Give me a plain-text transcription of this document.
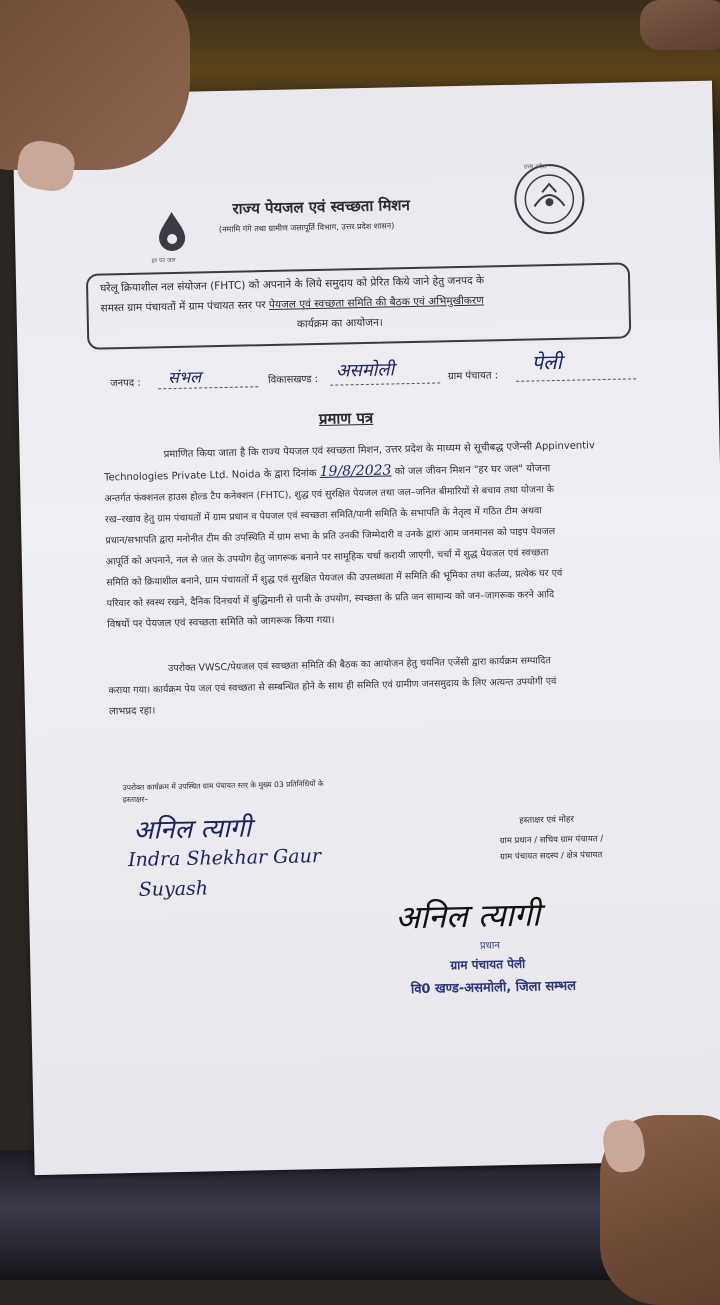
हर घर जल
उत्तर प्रदेश
राज्य पेयजल एवं स्वच्छता मिशन
(नमामि गंगे तथा ग्रामीण जलापूर्ति विभाग, उत्तर प्रदेश शासन)
घरेलू क्रियाशील नल संयोजन (FHTC) को अपनाने के लिये समुदाय को प्रेरित किये जाने हेतु जनपद के
समस्त ग्राम पंचायतों में ग्राम पंचायत स्तर पर पेयजल एवं स्वच्छता समिति की बैठक एवं अभिमुखीकरण
कार्यक्रम का आयोजन।
जनपद : संभल	विकासखण्ड : असमोली	ग्राम पंचायत :
पेली
प्रमाण पत्र
प्रमाणित किया जाता है कि राज्य पेयजल एवं स्वच्छता मिशन, उत्तर प्रदेश के माध्यम से सूचीबद्ध एजेन्सी Appinventiv
Technologies Private Ltd. Noida के द्वारा दिनांक 19/8/2023 को जल जीवन मिशन "हर घर जल" योजना
अन्तर्गत फंक्शनल हाउस होल्ड टैप कनेक्शन (FHTC), शुद्ध एवं सुरक्षित पेयजल तथा जल–जनित बीमारियों से बचाव तथा योजना के
रख–रखाव हेतु ग्राम पंचायतों में ग्राम प्रधान व पेयजल एवं स्वच्छता समिति/पानी समिति के सभापति के नेतृत्व में गठित टीम अथवा
प्रधान/सभापति द्वारा मनोनीत टीम की उपस्थिति में ग्राम सभा के प्रति उनकी जिम्मेदारी व उनके द्वारा आम जनमानस को पाइप पेयजल
आपूर्ति को अपनाने, नल से जल के उपयोग हेतु जागरूक बनाने पर सामूहिक चर्चा करायी जाएगी, चर्चा में शुद्ध पेयजल एवं स्वच्छता
समिति को क्रियाशील बनाने, ग्राम पंचायतों में शुद्ध एवं सुरक्षित पेयजल की उपलब्धता में समिति की भूमिका तथा कर्तव्य, प्रत्येक घर एवं
परिवार को स्वस्थ रखने, दैनिक दिनचर्या में बुद्धिमानी से पानी के उपयोग, स्वच्छता के प्रति जन सामान्य को जन–जागरूक करने आदि
विषयों पर पेयजल एवं स्वच्छता समिति को जागरूक किया गया।
उपरोक्त VWSC/पेयजल एवं स्वच्छता समिति की बैठक का आयोजन हेतु चयनित एजेंसी द्वारा कार्यक्रम सम्पादित
कराया गया। कार्यक्रम पेय जल एवं स्वच्छता से सम्बन्धित होने के साथ ही समिति एवं ग्रामीण जनसमुदाय के लिए अत्यन्त उपयोगी एवं
लाभप्रद रहा।
उपरोक्त कार्यक्रम में उपस्थित ग्राम पंचायत स्तर के मुख्य 03 प्रतिनिधियों के
हस्ताक्षर–
अनिल त्यागी
Indra Shekhar Gaur
Suyash
हस्ताक्षर एवं मोहर
ग्राम प्रधान / सचिव ग्राम पंचायत /
ग्राम पंचायत सदस्य / क्षेत्र पंचायत
अनिल त्यागी
प्रधान
ग्राम पंचायत पेली
वि0 खण्ड-असमोली, जिला सम्भल
